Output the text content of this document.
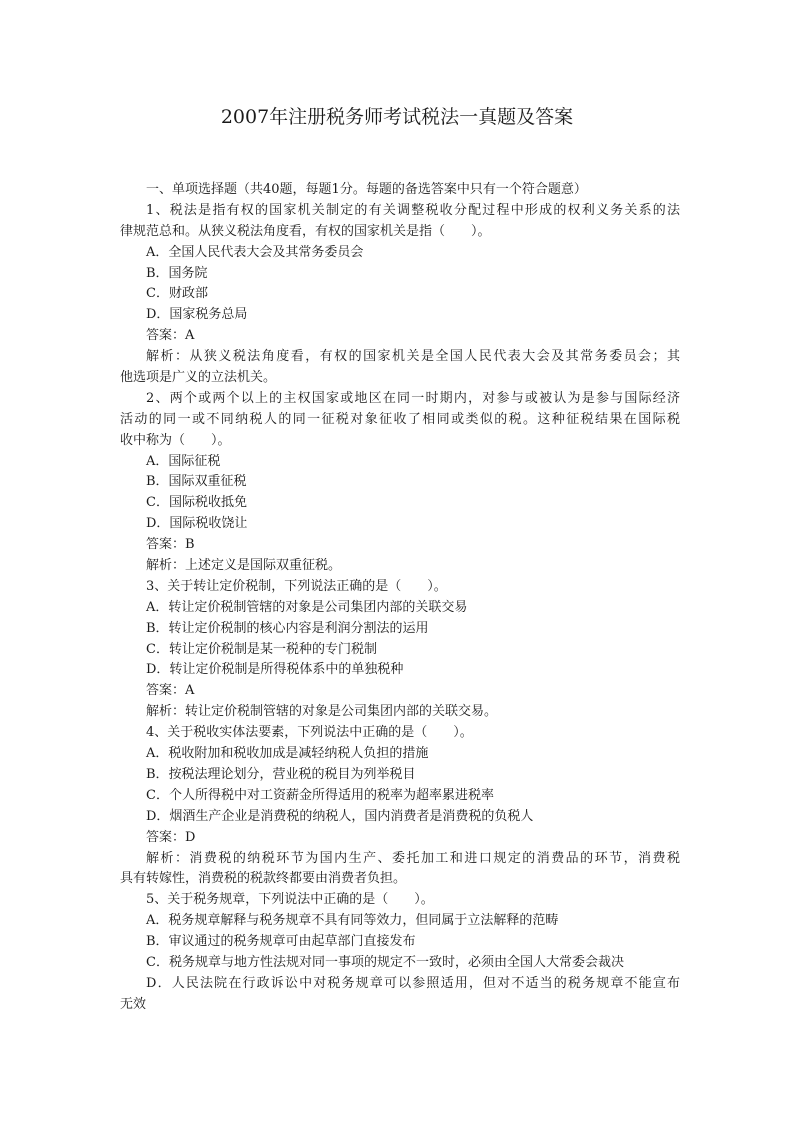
2007年注册税务师考试税法一真题及答案
一、单项选择题（共40题，每题1分。每题的备选答案中只有一个符合题意）
1、税法是指有权的国家机关制定的有关调整税收分配过程中形成的权利义务关系的法
律规范总和。从狭义税法角度看，有权的国家机关是指（　　）。
A．全国人民代表大会及其常务委员会
B．国务院
C．财政部
D．国家税务总局
答案：A
解析：从狭义税法角度看，有权的国家机关是全国人民代表大会及其常务委员会；其
他选项是广义的立法机关。
2、两个或两个以上的主权国家或地区在同一时期内，对参与或被认为是参与国际经济
活动的同一或不同纳税人的同一征税对象征收了相同或类似的税。这种征税结果在国际税
收中称为（　　）。
A．国际征税
B．国际双重征税
C．国际税收抵免
D．国际税收饶让
答案：B
解析：上述定义是国际双重征税。
3、关于转让定价税制，下列说法正确的是（　　）。
A．转让定价税制管辖的对象是公司集团内部的关联交易
B．转让定价税制的核心内容是利润分割法的运用
C．转让定价税制是某一税种的专门税制
D．转让定价税制是所得税体系中的单独税种
答案：A
解析：转让定价税制管辖的对象是公司集团内部的关联交易。
4、关于税收实体法要素，下列说法中正确的是（　　）。
A．税收附加和税收加成是减轻纳税人负担的措施
B．按税法理论划分，营业税的税目为列举税目
C．个人所得税中对工资薪金所得适用的税率为超率累进税率
D．烟酒生产企业是消费税的纳税人，国内消费者是消费税的负税人
答案：D
解析：消费税的纳税环节为国内生产、委托加工和进口规定的消费品的环节，消费税
具有转嫁性，消费税的税款终都要由消费者负担。
5、关于税务规章，下列说法中正确的是（　　）。
A．税务规章解释与税务规章不具有同等效力，但同属于立法解释的范畴
B．审议通过的税务规章可由起草部门直接发布
C．税务规章与地方性法规对同一事项的规定不一致时，必须由全国人大常委会裁决
D．人民法院在行政诉讼中对税务规章可以参照适用，但对不适当的税务规章不能宣布
无效
